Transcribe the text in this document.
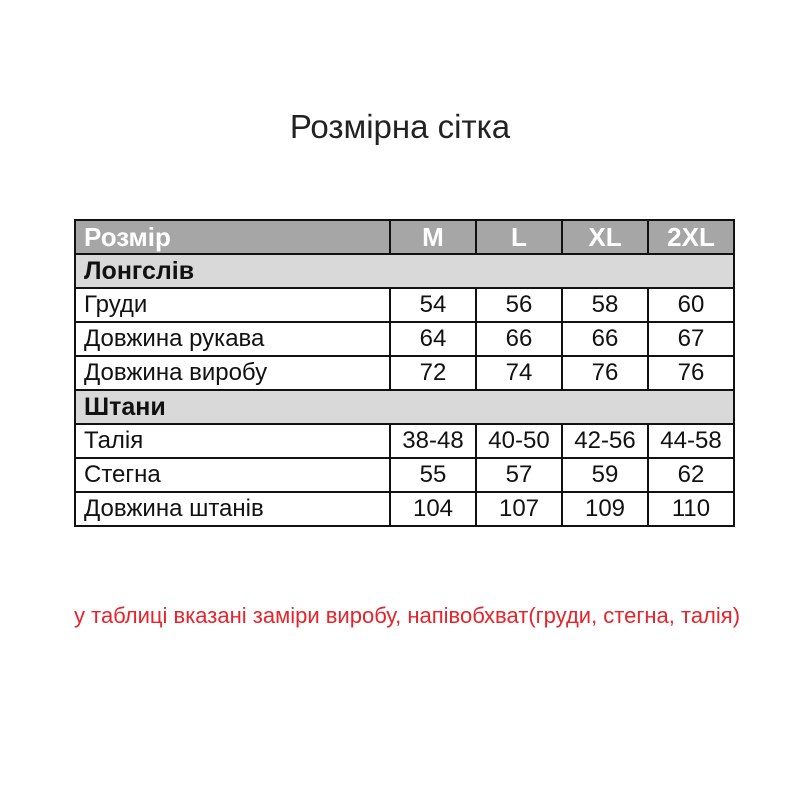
Розмірна сітка
Розмір	M	L	XL	2XL
Лонгслів				
Груди	54	56	58	60
Довжина рукава	64	66	66	67
Довжина виробу	72	74	76	76
Штани				
Талія	38-48	40-50	42-56	44-58
Стегна	55	57	59	62
Довжина штанів	104	107	109	110
у таблиці вказані заміри виробу, напівобхват(груди, стегна, талія)
